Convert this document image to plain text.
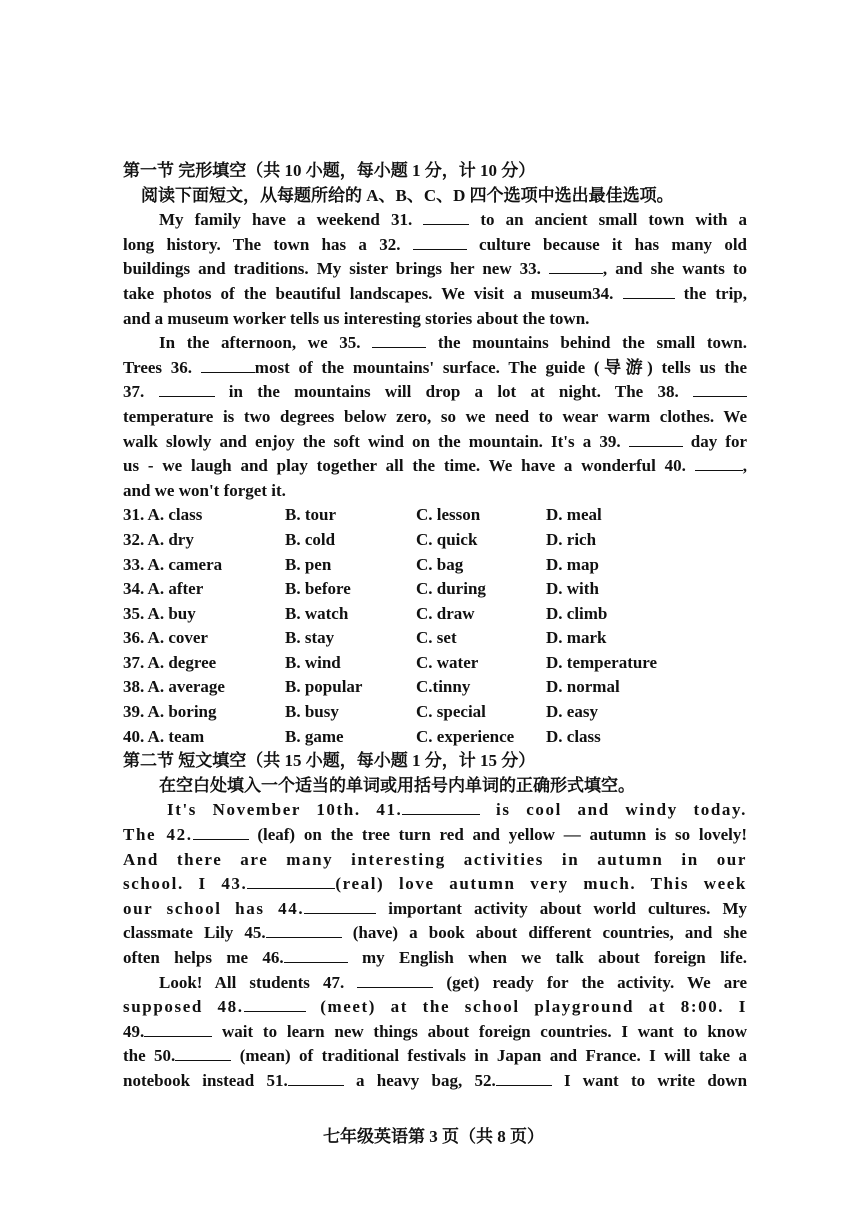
第一节 完形填空（共 10 小题，每小题 1 分，计 10 分）
阅读下面短文，从每题所给的 A、B、C、D 四个选项中选出最佳选项。
My family have a weekend 31.	to an ancient small town with a
long history. The town has a 32.	culture because it has many old
buildings and traditions. My sister brings her new 33.	, and she wants to
take photos of the beautiful landscapes. We visit a museum34.	the trip,
and a museum worker tells us interesting stories about the town.
In the afternoon, we 35.	the mountains behind the small town.
Trees 36.	most of the mountains' surface. The guide (导游) tells us the
37.	in the mountains will drop a lot at night. The 38.
temperature is two degrees below zero, so we need to wear warm clothes. We
walk slowly and enjoy the soft wind on the mountain. It's a 39.	day for
us - we laugh and play together all the time. We have a wonderful 40.	,
and we won't forget it.
31. A. class	B. tour	C. lesson	D. meal
32. A. dry	B. cold	C. quick	D. rich
33. A. camera	B. pen	C. bag	D. map
34. A. after	B. before	C. during	D. with
35. A. buy	B. watch	C. draw	D. climb
36. A. cover	B. stay	C. set	D. mark
37. A. degree	B. wind	C. water	D. temperature
38. A. average	B. popular	C.tinny	D. normal
39. A. boring	B. busy	C. special	D. easy
40. A. team	B. game	C. experience	D. class
第二节 短文填空（共 15 小题，每小题 1 分，计 15 分）
在空白处填入一个适当的单词或用括号内单词的正确形式填空。
It's November 10th. 41.	is cool and windy today.
The 42.	(leaf) on the tree turn red and yellow — autumn is so lovely!
And there are many interesting activities in autumn in our
school. I 43.	(real) love autumn very much. This week
our school has 44.	important activity about world cultures. My
classmate Lily 45.	(have) a book about different countries, and she
often helps me 46.	my English when we talk about foreign life.
Look! All students 47.	(get) ready for the activity. We are
supposed 48.	(meet) at the school playground at 8:00. I
49.	wait to learn new things about foreign countries. I want to know
the 50.	(mean) of traditional festivals in Japan and France. I will take a
notebook instead 51.	a heavy bag, 52.	I want to write down
七年级英语第 3 页（共 8 页）
